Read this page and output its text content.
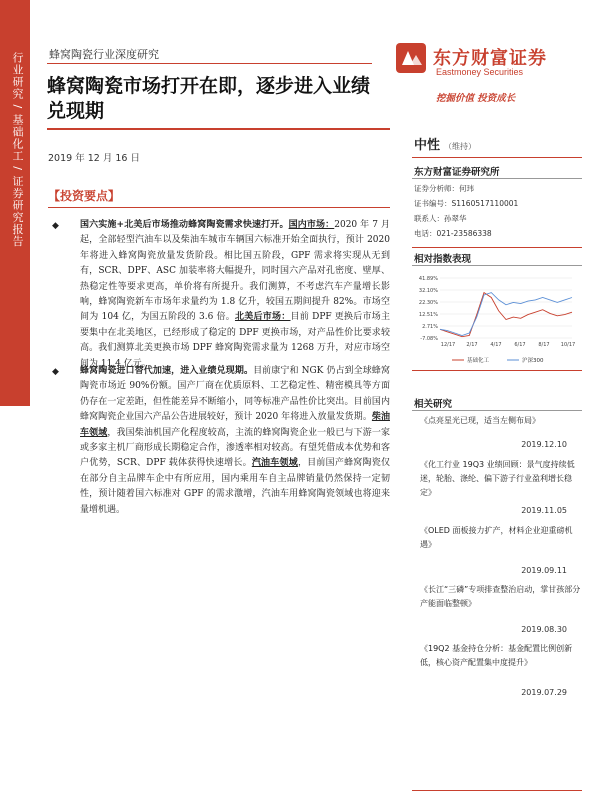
行业研究 / 基础化工 / 证券研究报告 蜂窝陶瓷行业深度研究
蜂窝陶瓷市场打开在即，逐步进入业绩
兑现期
东方财富证券
Eastmoney Securities
挖掘价值 投资成长
2019 年 12 月 16 日
【投资要点】
◆ 国六实施+北美后市场推动蜂窝陶瓷需求快速打开。国内市场：2020 年 7 月起，全部轻型汽油车以及柴油车城市车辆国六标准开始全面执行，预计 2020 年将进入蜂窝陶瓷放量发货阶段。相比国五阶段，GPF 需求将实现从无到有，SCR、DPF、ASC 加装率将大幅提升，同时国六产品对孔密度、壁厚、热稳定性等要求更高，单价将有所提升。我们测算，不考虑汽车产量增长影响，蜂窝陶瓷新车市场年求量约为 1.8 亿升，较国五期间提升 82%。市场空间为 104 亿，为国五阶段的 3.6 倍。北美后市场：目前 DPF 更换后市场主要集中在北美地区，已经形成了稳定的 DPF 更换市场，对产品性价比要求较高。我们测算北美更换市场 DPF 蜂窝陶瓷需求量为 1268 万升，对应市场空间为 11.4 亿元。
◆ 蜂窝陶瓷进口替代加速，进入业绩兑现期。目前康宁和 NGK 仍占到全球蜂窝陶瓷市场近 90%份额。国产厂商在优质原料、工艺稳定性、精密模具等方面仍存在一定差距，但性能差异不断缩小，同等标准产品性价比突出。目前国内蜂窝陶瓷企业国六产品公告进展较好，预计 2020 年将进入放量发货期。柴油车领域，我国柴油机国产化程度较高，主流的蜂窝陶瓷企业一般已与下游一家或多家主机厂商形成长期稳定合作，渗透率相对较高。有望凭借成本优势和客户优势，SCR、DPF 载体获得快速增长。汽油车领域，目前国产蜂窝陶瓷仅在部分自主品牌车企中有所应用，国内乘用车自主品牌销量仍然保持一定韧性，预计随着国六标准对 GPF 的需求激增，汽油车用蜂窝陶瓷领域也将迎来量增机遇。
中性 （维持）
东方财富证券研究所
证券分析师：何玮
证书编号：S1160517110001
联系人：孙翠华
电话：021-23586338
相对指数表现
41.89%
32.10%
22.30%
12.51%
2.71%
-7.08%
12/17 2/17	4/17	6/17	8/17 10/17
基础化工	沪深300
相关研究
《点亮星光已现，适当左侧布局》
2019.12.10
《化工行业 19Q3 业绩回顾：景气度持续低迷，轮胎、涤纶、偏下游子行业盈利增长稳定》
2019.11.05
《OLED 面板接力扩产，材料企业迎重磅机遇》
2019.09.11
《长江“三磷”专项排查整治启动，掌甘孩部分产能面临整顿》
2019.08.30
《19Q2 基金持仓分析：基金配置比例创新低，核心资产配置集中度提升》
2019.07.29
